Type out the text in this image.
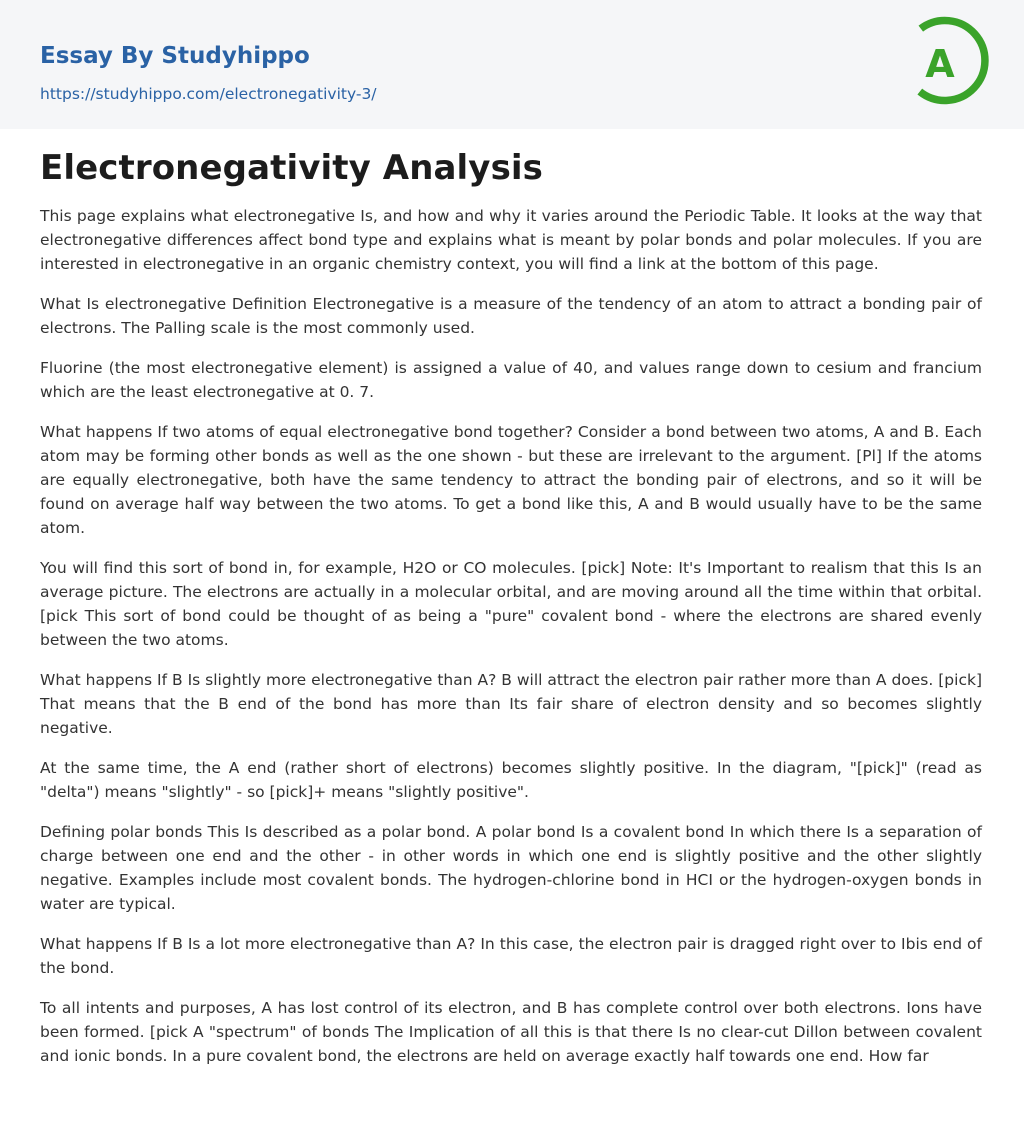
Essay By Studyhippo
https://studyhippo.com/electronegativity-3/
A
Electronegativity Analysis

This page explains what electronegative Is, and how and why it varies around the Periodic Table. It looks at the way that electronegative differences affect bond type and explains what is meant by polar bonds and polar molecules. If you are interested in electronegative in an organic chemistry context, you will find a link at the bottom of this page.

What Is electronegative Definition Electronegative is a measure of the tendency of an atom to attract a bonding pair of electrons. The Palling scale is the most commonly used.

Fluorine (the most electronegative element) is assigned a value of 40, and values range down to cesium and francium which are the least electronegative at 0. 7.

What happens If two atoms of equal electronegative bond together? Consider a bond between two atoms, A and B. Each atom may be forming other bonds as well as the one shown - but these are irrelevant to the argument. [Pl] If the atoms are equally electronegative, both have the same tendency to attract the bonding pair of electrons, and so it will be found on average half way between the two atoms. To get a bond like this, A and B would usually have to be the same atom.

You will find this sort of bond in, for example, H2O or CO molecules. [pick] Note: It's Important to realism that this Is an average picture. The electrons are actually in a molecular orbital, and are moving around all the time within that orbital. [pick This sort of bond could be thought of as being a "pure" covalent bond - where the electrons are shared evenly between the two atoms.

What happens If B Is slightly more electronegative than A? B will attract the electron pair rather more than A does. [pick] That means that the B end of the bond has more than Its fair share of electron density and so becomes slightly negative.

At the same time, the A end (rather short of electrons) becomes slightly positive. In the diagram, "[pick]" (read as "delta") means "slightly" - so [pick]+ means "slightly positive".

Defining polar bonds This Is described as a polar bond. A polar bond Is a covalent bond In which there Is a separation of charge between one end and the other - in other words in which one end is slightly positive and the other slightly negative. Examples include most covalent bonds. The hydrogen-chlorine bond in HCI or the hydrogen-oxygen bonds in water are typical.

What happens If B Is a lot more electronegative than A? In this case, the electron pair is dragged right over to Ibis end of the bond.

To all intents and purposes, A has lost control of its electron, and B has complete control over both electrons. Ions have been formed. [pick A "spectrum" of bonds The Implication of all this is that there Is no clear-cut Dillon between covalent and ionic bonds. In a pure covalent bond, the electrons are held on average exactly half towards one end. How far
